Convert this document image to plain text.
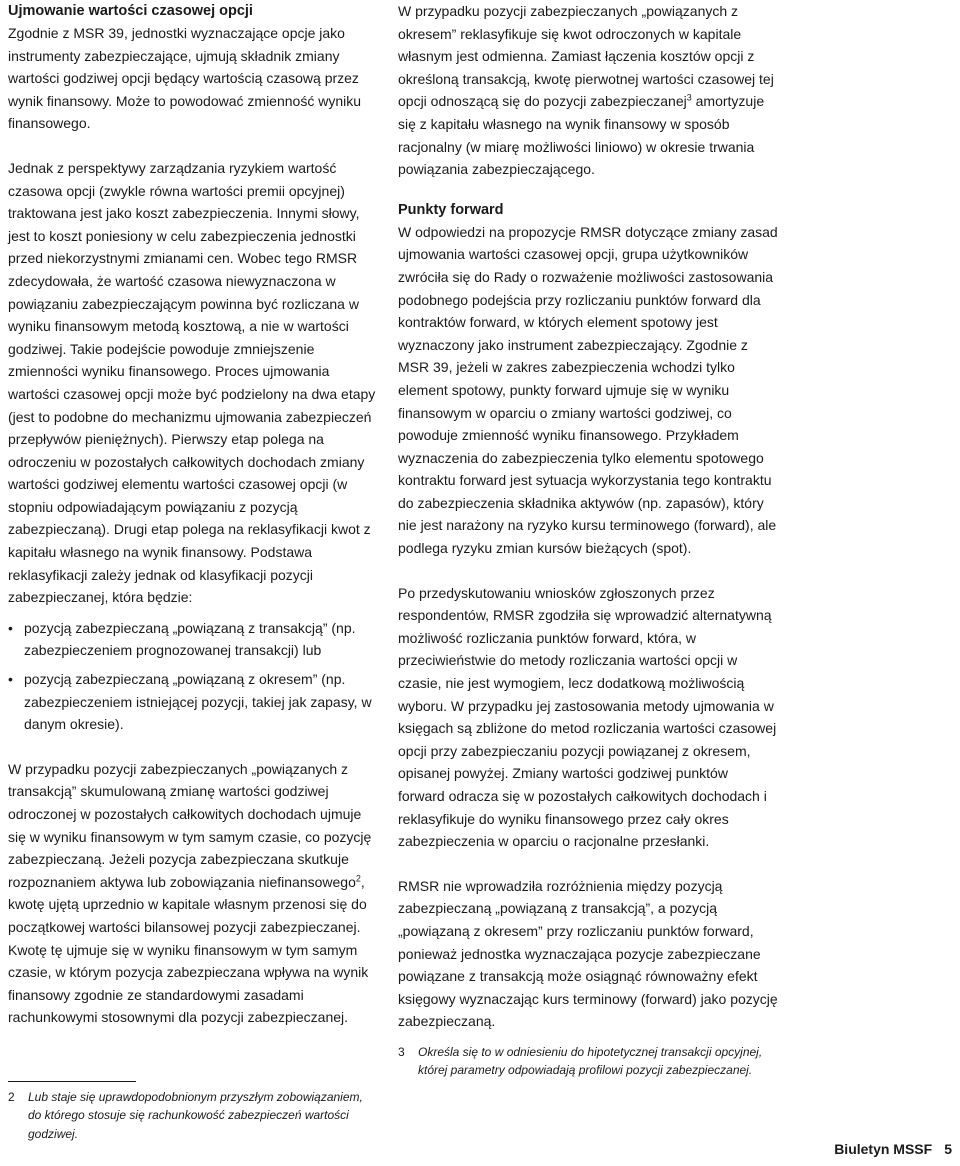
Ujmowanie wartości czasowej opcji

Zgodnie z MSR 39, jednostki wyznaczające opcje jako instrumenty zabezpieczające, ujmują składnik zmiany wartości godziwej opcji będący wartością czasową przez wynik finansowy. Może to powodować zmienność wyniku finansowego.

Jednak z perspektywy zarządzania ryzykiem wartość czasowa opcji (zwykle równa wartości premii opcyjnej) traktowana jest jako koszt zabezpieczenia. Innymi słowy, jest to koszt poniesiony w celu zabezpieczenia jednostki przed niekorzystnymi zmianami cen. Wobec tego RMSR zdecydowała, że wartość czasowa niewyznaczona w powiązaniu zabezpieczającym powinna być rozliczana w wyniku finansowym metodą kosztową, a nie w wartości godziwej. Takie podejście powoduje zmniejszenie zmienności wyniku finansowego. Proces ujmowania wartości czasowej opcji może być podzielony na dwa etapy (jest to podobne do mechanizmu ujmowania zabezpieczeń przepływów pieniężnych). Pierwszy etap polega na odroczeniu w pozostałych całkowitych dochodach zmiany wartości godziwej elementu wartości czasowej opcji (w stopniu odpowiadającym powiązaniu z pozycją zabezpieczaną). Drugi etap polega na reklasyfikacji kwot z kapitału własnego na wynik finansowy. Podstawa reklasyfikacji zależy jednak od klasyfikacji pozycji zabezpieczanej, która będzie:

• pozycją zabezpieczaną „powiązaną z transakcją” (np. zabezpieczeniem prognozowanej transakcji) lub
• pozycją zabezpieczaną „powiązaną z okresem” (np. zabezpieczeniem istniejącej pozycji, takiej jak zapasy, w danym okresie).

W przypadku pozycji zabezpieczanych „powiązanych z transakcją” skumulowaną zmianę wartości godziwej odroczonej w pozostałych całkowitych dochodach ujmuje się w wyniku finansowym w tym samym czasie, co pozycję zabezpieczaną. Jeżeli pozycja zabezpieczana skutkuje rozpoznaniem aktywa lub zobowiązania niefinansowego$^2$, kwotę ujętą uprzednio w kapitale własnym przenosi się do początkowej wartości bilansowej pozycji zabezpieczanej. Kwotę tę ujmuje się w wyniku finansowym w tym samym czasie, w którym pozycja zabezpieczana wpływa na wynik finansowy zgodnie ze standardowymi zasadami rachunkowymi stosownymi dla pozycji zabezpieczanej.

2 Lub staje się uprawdopodobnionym przyszłym zobowiązaniem, do którego stosuje się rachunkowość zabezpieczeń wartości godziwej.

W przypadku pozycji zabezpieczanych „powiązanych z okresem” reklasyfikuje się kwot odroczonych w kapitale własnym jest odmienna. Zamiast łączenia kosztów opcji z określoną transakcją, kwotę pierwotnej wartości czasowej tej opcji odnoszącą się do pozycji zabezpieczanej$^3$ amortyzuje się z kapitału własnego na wynik finansowy w sposób racjonalny (w miarę możliwości liniowo) w okresie trwania powiązania zabezpieczającego.

Punkty forward

W odpowiedzi na propozycje RMSR dotyczące zmiany zasad ujmowania wartości czasowej opcji, grupa użytkowników zwróciła się do Rady o rozważenie możliwości zastosowania podobnego podejścia przy rozliczaniu punktów forward dla kontraktów forward, w których element spotowy jest wyznaczony jako instrument zabezpieczający. Zgodnie z MSR 39, jeżeli w zakres zabezpieczenia wchodzi tylko element spotowy, punkty forward ujmuje się w wyniku finansowym w oparciu o zmiany wartości godziwej, co powoduje zmienność wyniku finansowego. Przykładem wyznaczenia do zabezpieczenia tylko elementu spotowego kontraktu forward jest sytuacja wykorzystania tego kontraktu do zabezpieczenia składnika aktywów (np. zapasów), który nie jest narażony na ryzyko kursu terminowego (forward), ale podlega ryzyku zmian kursów bieżących (spot).

Po przedyskutowaniu wniosków zgłoszonych przez respondentów, RMSR zgodziła się wprowadzić alternatywną możliwość rozliczania punktów forward, która, w przeciwieństwie do metody rozliczania wartości opcji w czasie, nie jest wymogiem, lecz dodatkową możliwością wyboru. W przypadku jej zastosowania metody ujmowania w księgach są zbliżone do metod rozliczania wartości czasowej opcji przy zabezpieczaniu pozycji powiązanej z okresem, opisanej powyżej. Zmiany wartości godziwej punktów forward odracza się w pozostałych całkowitych dochodach i reklasyfikuje do wyniku finansowego przez cały okres zabezpieczenia w oparciu o racjonalne przesłanki.

RMSR nie wprowadziła rozróżnienia między pozycją zabezpieczaną „powiązaną z transakcją”, a pozycją „powiązaną z okresem” przy rozliczaniu punktów forward, ponieważ jednostka wyznaczająca pozycje zabezpieczane powiązane z transakcją może osiągnąć równoważny efekt księgowy wyznaczając kurs terminowy (forward) jako pozycję zabezpieczaną.

3 Określa się to w odniesieniu do hipotetycznej transakcji opcyjnej, której parametry odpowiadają profilowi pozycji zabezpieczanej.
Biuletyn MSSF 5
